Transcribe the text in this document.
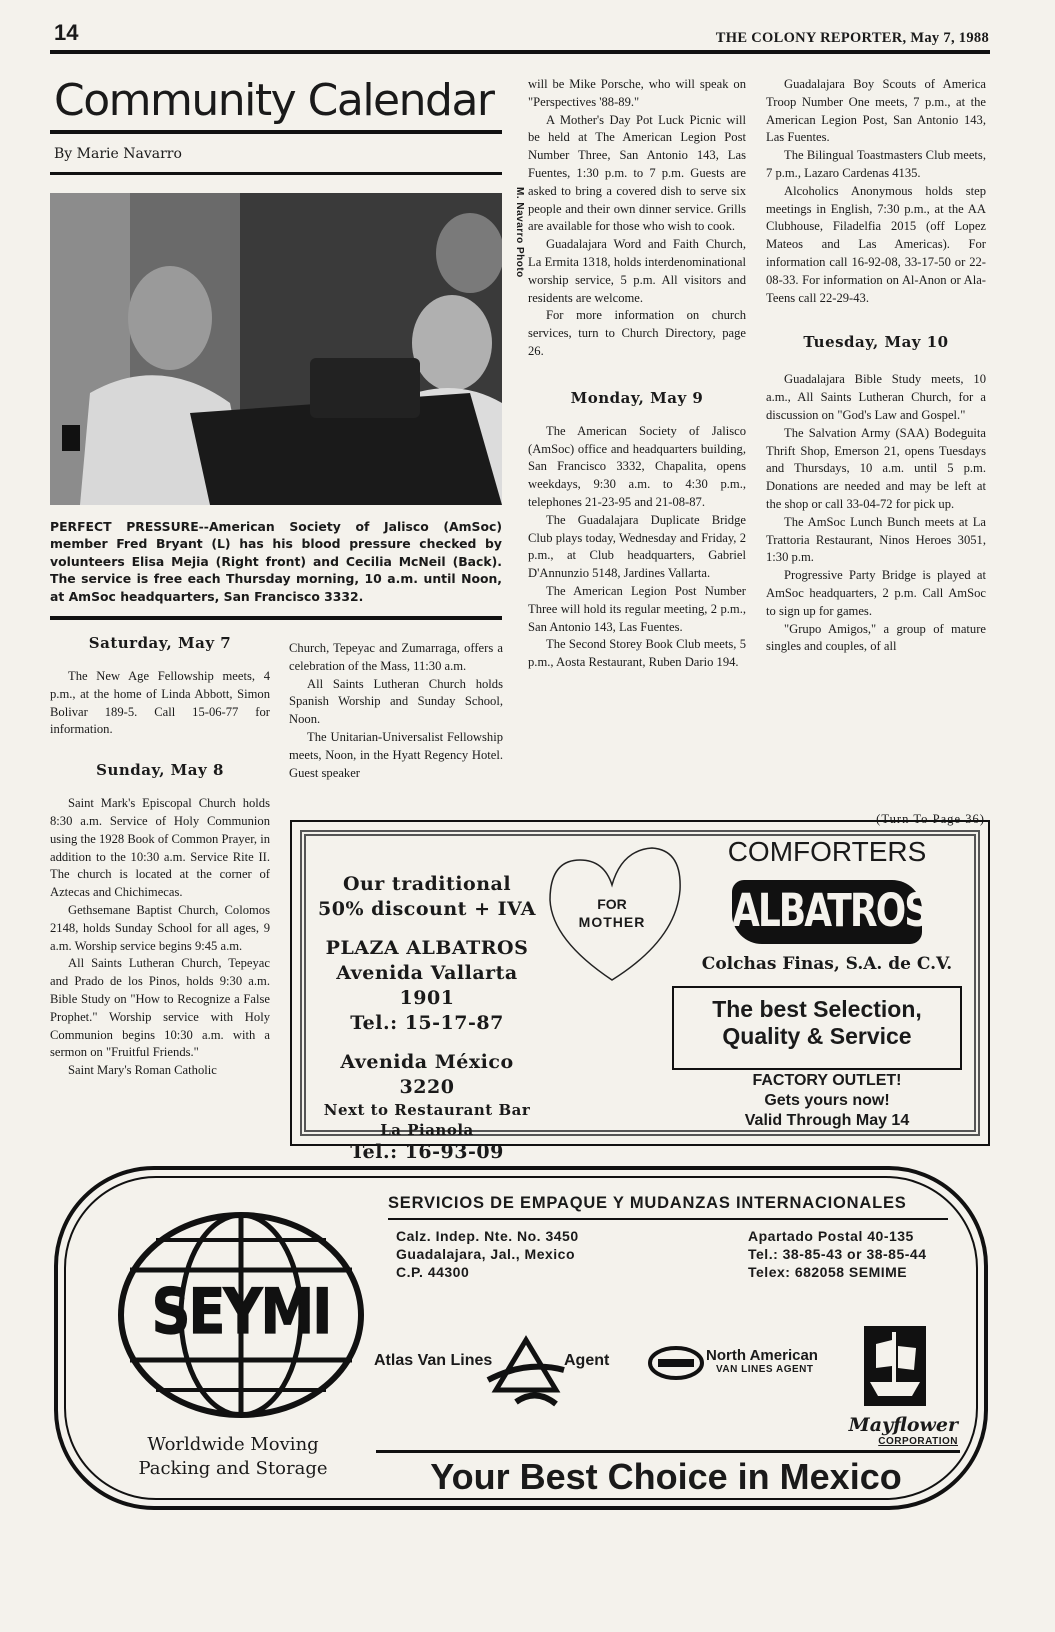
14	THE COLONY REPORTER, May 7, 1988
Community Calendar
By Marie Navarro
M. Navarro Photo
PERFECT PRESSURE--American Society of Jalisco (AmSoc) member Fred Bryant (L) has his blood pressure checked by volunteers Elisa Mejia (Right front) and Cecilia McNeil (Back). The service is free each Thursday morning, 10 a.m. until Noon, at AmSoc headquarters, San Francisco 3332.
Saturday, May 7

The New Age Fellowship meets, 4 p.m., at the home of Linda Abbott, Simon Bolivar 189-5. Call 15-06-77 for information.

Sunday, May 8

Saint Mark's Episcopal Church holds 8:30 a.m. Service of Holy Communion using the 1928 Book of Common Prayer, in addition to the 10:30 a.m. Service Rite II. The church is located at the corner of Aztecas and Chichimecas.

Gethsemane Baptist Church, Colomos 2148, holds Sunday School for all ages, 9 a.m. Worship service begins 9:45 a.m.

All Saints Lutheran Church, Tepeyac and Prado de los Pinos, holds 9:30 a.m. Bible Study on "How to Recognize a False Prophet." Worship service with Holy Communion begins 10:30 a.m. with a sermon on "Fruitful Friends."

Saint Mary's Roman Catholic

Church, Tepeyac and Zumarraga, offers a celebration of the Mass, 11:30 a.m.

All Saints Lutheran Church holds Spanish Worship and Sunday School, Noon.

The Unitarian-Universalist Fellowship meets, Noon, in the Hyatt Regency Hotel. Guest speaker

will be Mike Porsche, who will speak on "Perspectives '88-89."

A Mother's Day Pot Luck Picnic will be held at The American Legion Post Number Three, San Antonio 143, Las Fuentes, 1:30 p.m. to 7 p.m. Guests are asked to bring a covered dish to serve six people and their own dinner service. Grills are available for those who wish to cook.

Guadalajara Word and Faith Church, La Ermita 1318, holds interdenominational worship service, 5 p.m. All visitors and residents are welcome.

For more information on church services, turn to Church Directory, page 26.

Monday, May 9

The American Society of Jalisco (AmSoc) office and headquarters building, San Francisco 3332, Chapalita, opens weekdays, 9:30 a.m. to 4:30 p.m., telephones 21-23-95 and 21-08-87.

The Guadalajara Duplicate Bridge Club plays today, Wednesday and Friday, 2 p.m., at Club headquarters, Gabriel D'Annunzio 5148, Jardines Vallarta.

The American Legion Post Number Three will hold its regular meeting, 2 p.m., San Antonio 143, Las Fuentes.

The Second Storey Book Club meets, 5 p.m., Aosta Restaurant, Ruben Dario 194.

Guadalajara Boy Scouts of America Troop Number One meets, 7 p.m., at the American Legion Post, San Antonio 143, Las Fuentes.

The Bilingual Toastmasters Club meets, 7 p.m., Lazaro Cardenas 4135.

Alcoholics Anonymous holds step meetings in English, 7:30 p.m., at the AA Clubhouse, Filadelfia 2015 (off Lopez Mateos and Las Americas). For information call 16-92-08, 33-17-50 or 22-08-33. For information on Al-Anon or Ala-Teens call 22-29-43.

Tuesday, May 10

Guadalajara Bible Study meets, 10 a.m., All Saints Lutheran Church, for a discussion on "God's Law and Gospel."

The Salvation Army (SAA) Bodeguita Thrift Shop, Emerson 21, opens Tuesdays and Thursdays, 10 a.m. until 5 p.m. Donations are needed and may be left at the shop or call 33-04-72 for pick up.

The AmSoc Lunch Bunch meets at La Trattoria Restaurant, Ninos Heroes 3051, 1:30 p.m.

Progressive Party Bridge is played at AmSoc headquarters, 2 p.m. Call AmSoc to sign up for games.

"Grupo Amigos," a group of mature singles and couples, of all

(Turn To Page 36)
Our traditional
50% discount + IVA
PLAZA ALBATROS
Avenida Vallarta 1901
Tel.: 15-17-87
Avenida México 3220
Next to Restaurant Bar
La Pianola
Tel.: 16-93-09
FOR
MOTHER
COMFORTERS
ALBATROS
Colchas Finas, S.A. de C.V.
The best Selection,
Quality & Service
FACTORY OUTLET!
Gets yours now!
Valid Through May 14
SEYMI
Worldwide Moving
Packing and Storage
SERVICIOS DE EMPAQUE Y MUDANZAS INTERNACIONALES
Calz. Indep. Nte. No. 3450
Guadalajara, Jal., Mexico
C.P. 44300
Apartado Postal 40-135
Tel.: 38-85-43 or 38-85-44
Telex: 682058 SEMIME
Atlas Van Lines	Agent	North American
VAN LINES AGENT
Mayflower
CORPORATION
Your Best Choice in Mexico
